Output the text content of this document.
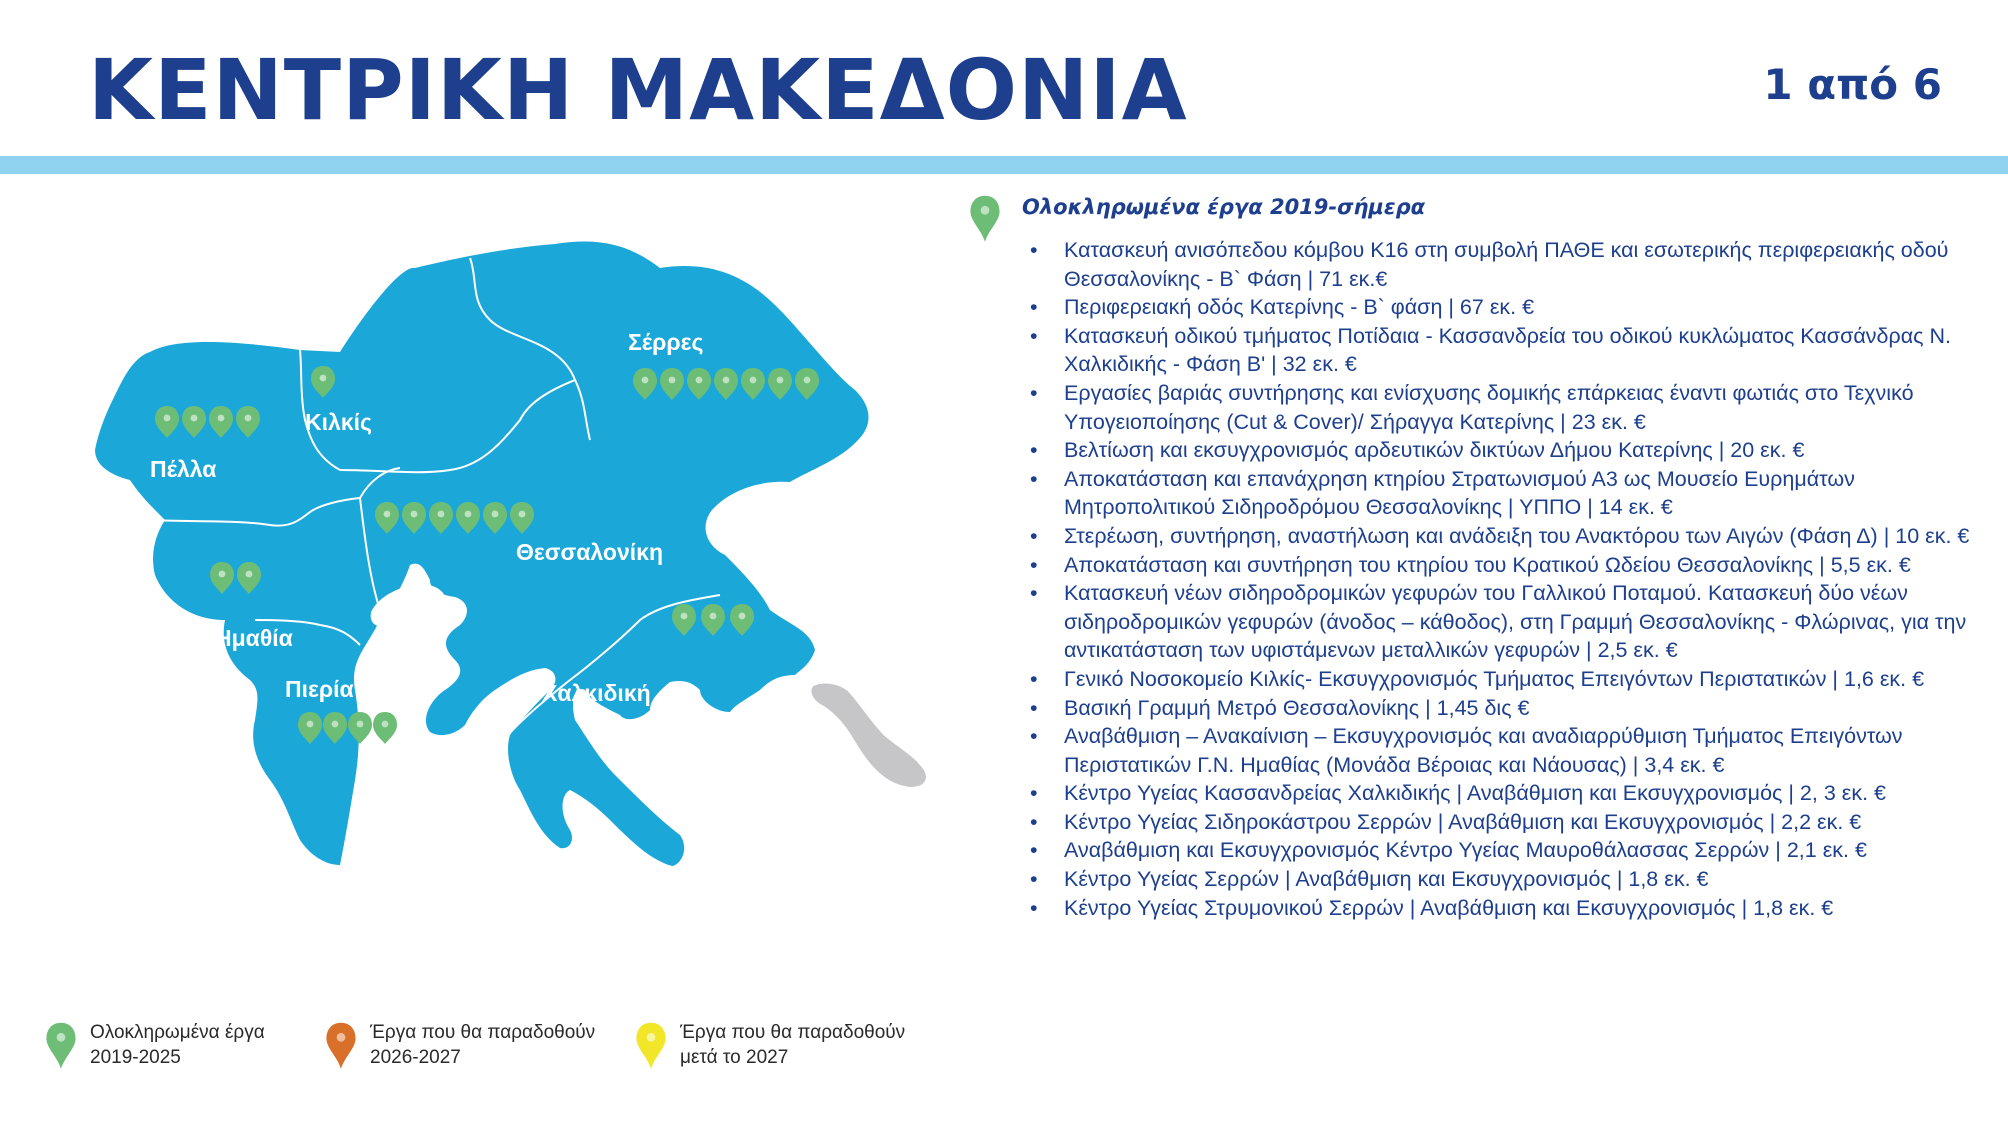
ΚΕΝΤΡΙΚΗ ΜΑΚΕΔΟΝΙΑ	1 από 6
Σέρρες
Κιλκίς
Πέλλα
Θεσσαλονίκη
Ημαθία
Πιερία	Χαλκιδική
Ολοκληρωμένα έργα
2019-2025
Έργα που θα παραδοθούν
2026-2027
Έργα που θα παραδοθούν
μετά το 2027
Ολοκληρωμένα έργα 2019-σήμερα
• Κατασκευή ανισόπεδου κόμβου Κ16 στη συμβολή ΠΑΘΕ και εσωτερικής περιφερειακής οδού Θεσσαλονίκης - Β` Φάση | 71 εκ.€
• Περιφερειακή οδός Κατερίνης - Β` φάση | 67 εκ. €
• Κατασκευή οδικού τμήματος Ποτίδαια - Κασσανδρεία του οδικού κυκλώματος Κασσάνδρας Ν. Χαλκιδικής - Φάση Β' | 32 εκ. €
• Εργασίες βαριάς συντήρησης και ενίσχυσης δομικής επάρκειας έναντι φωτιάς στο Τεχνικό Υπογειοποίησης (Cut & Cover)/ Σήραγγα Κατερίνης | 23 εκ. €
• Βελτίωση και εκσυγχρονισμός αρδευτικών δικτύων Δήμου Κατερίνης | 20 εκ. €
• Αποκατάσταση και επανάχρηση κτηρίου Στρατωνισμού Α3 ως Μουσείο Ευρημάτων Μητροπολιτικού Σιδηροδρόμου Θεσσαλονίκης | ΥΠΠΟ | 14 εκ. €
• Στερέωση, συντήρηση, αναστήλωση και ανάδειξη του Ανακτόρου των Αιγών (Φάση Δ) | 10 εκ. €
• Αποκατάσταση και συντήρηση του κτηρίου του Κρατικού Ωδείου Θεσσαλονίκης | 5,5 εκ. €
• Κατασκευή νέων σιδηροδρομικών γεφυρών του Γαλλικού Ποταμού. Κατασκευή δύο νέων σιδηροδρομικών γεφυρών (άνοδος – κάθοδος), στη Γραμμή Θεσσαλονίκης - Φλώρινας, για την αντικατάσταση των υφιστάμενων μεταλλικών γεφυρών | 2,5 εκ. €
• Γενικό Νοσοκομείο Κιλκίς- Εκσυγχρονισμός Τμήματος Επειγόντων Περιστατικών | 1,6 εκ. €
• Βασική Γραμμή Μετρό Θεσσαλονίκης | 1,45 δις €
• Αναβάθμιση – Ανακαίνιση – Εκσυγχρονισμός και αναδιαρρύθμιση Τμήματος Επειγόντων Περιστατικών Γ.Ν. Ημαθίας (Μονάδα Βέροιας και Νάουσας) | 3,4 εκ. €
• Κέντρο Υγείας Κασσανδρείας Χαλκιδικής | Αναβάθμιση και Εκσυγχρονισμός | 2, 3 εκ. €
• Κέντρο Υγείας Σιδηροκάστρου Σερρών | Αναβάθμιση και Εκσυγχρονισμός | 2,2 εκ. €
• Αναβάθμιση και Εκσυγχρονισμός Κέντρο Υγείας Μαυροθάλασσας Σερρών | 2,1 εκ. €
• Κέντρο Υγείας Σερρών | Αναβάθμιση και Εκσυγχρονισμός | 1,8 εκ. €
• Κέντρο Υγείας Στρυμονικού Σερρών | Αναβάθμιση και Εκσυγχρονισμός | 1,8 εκ. €
